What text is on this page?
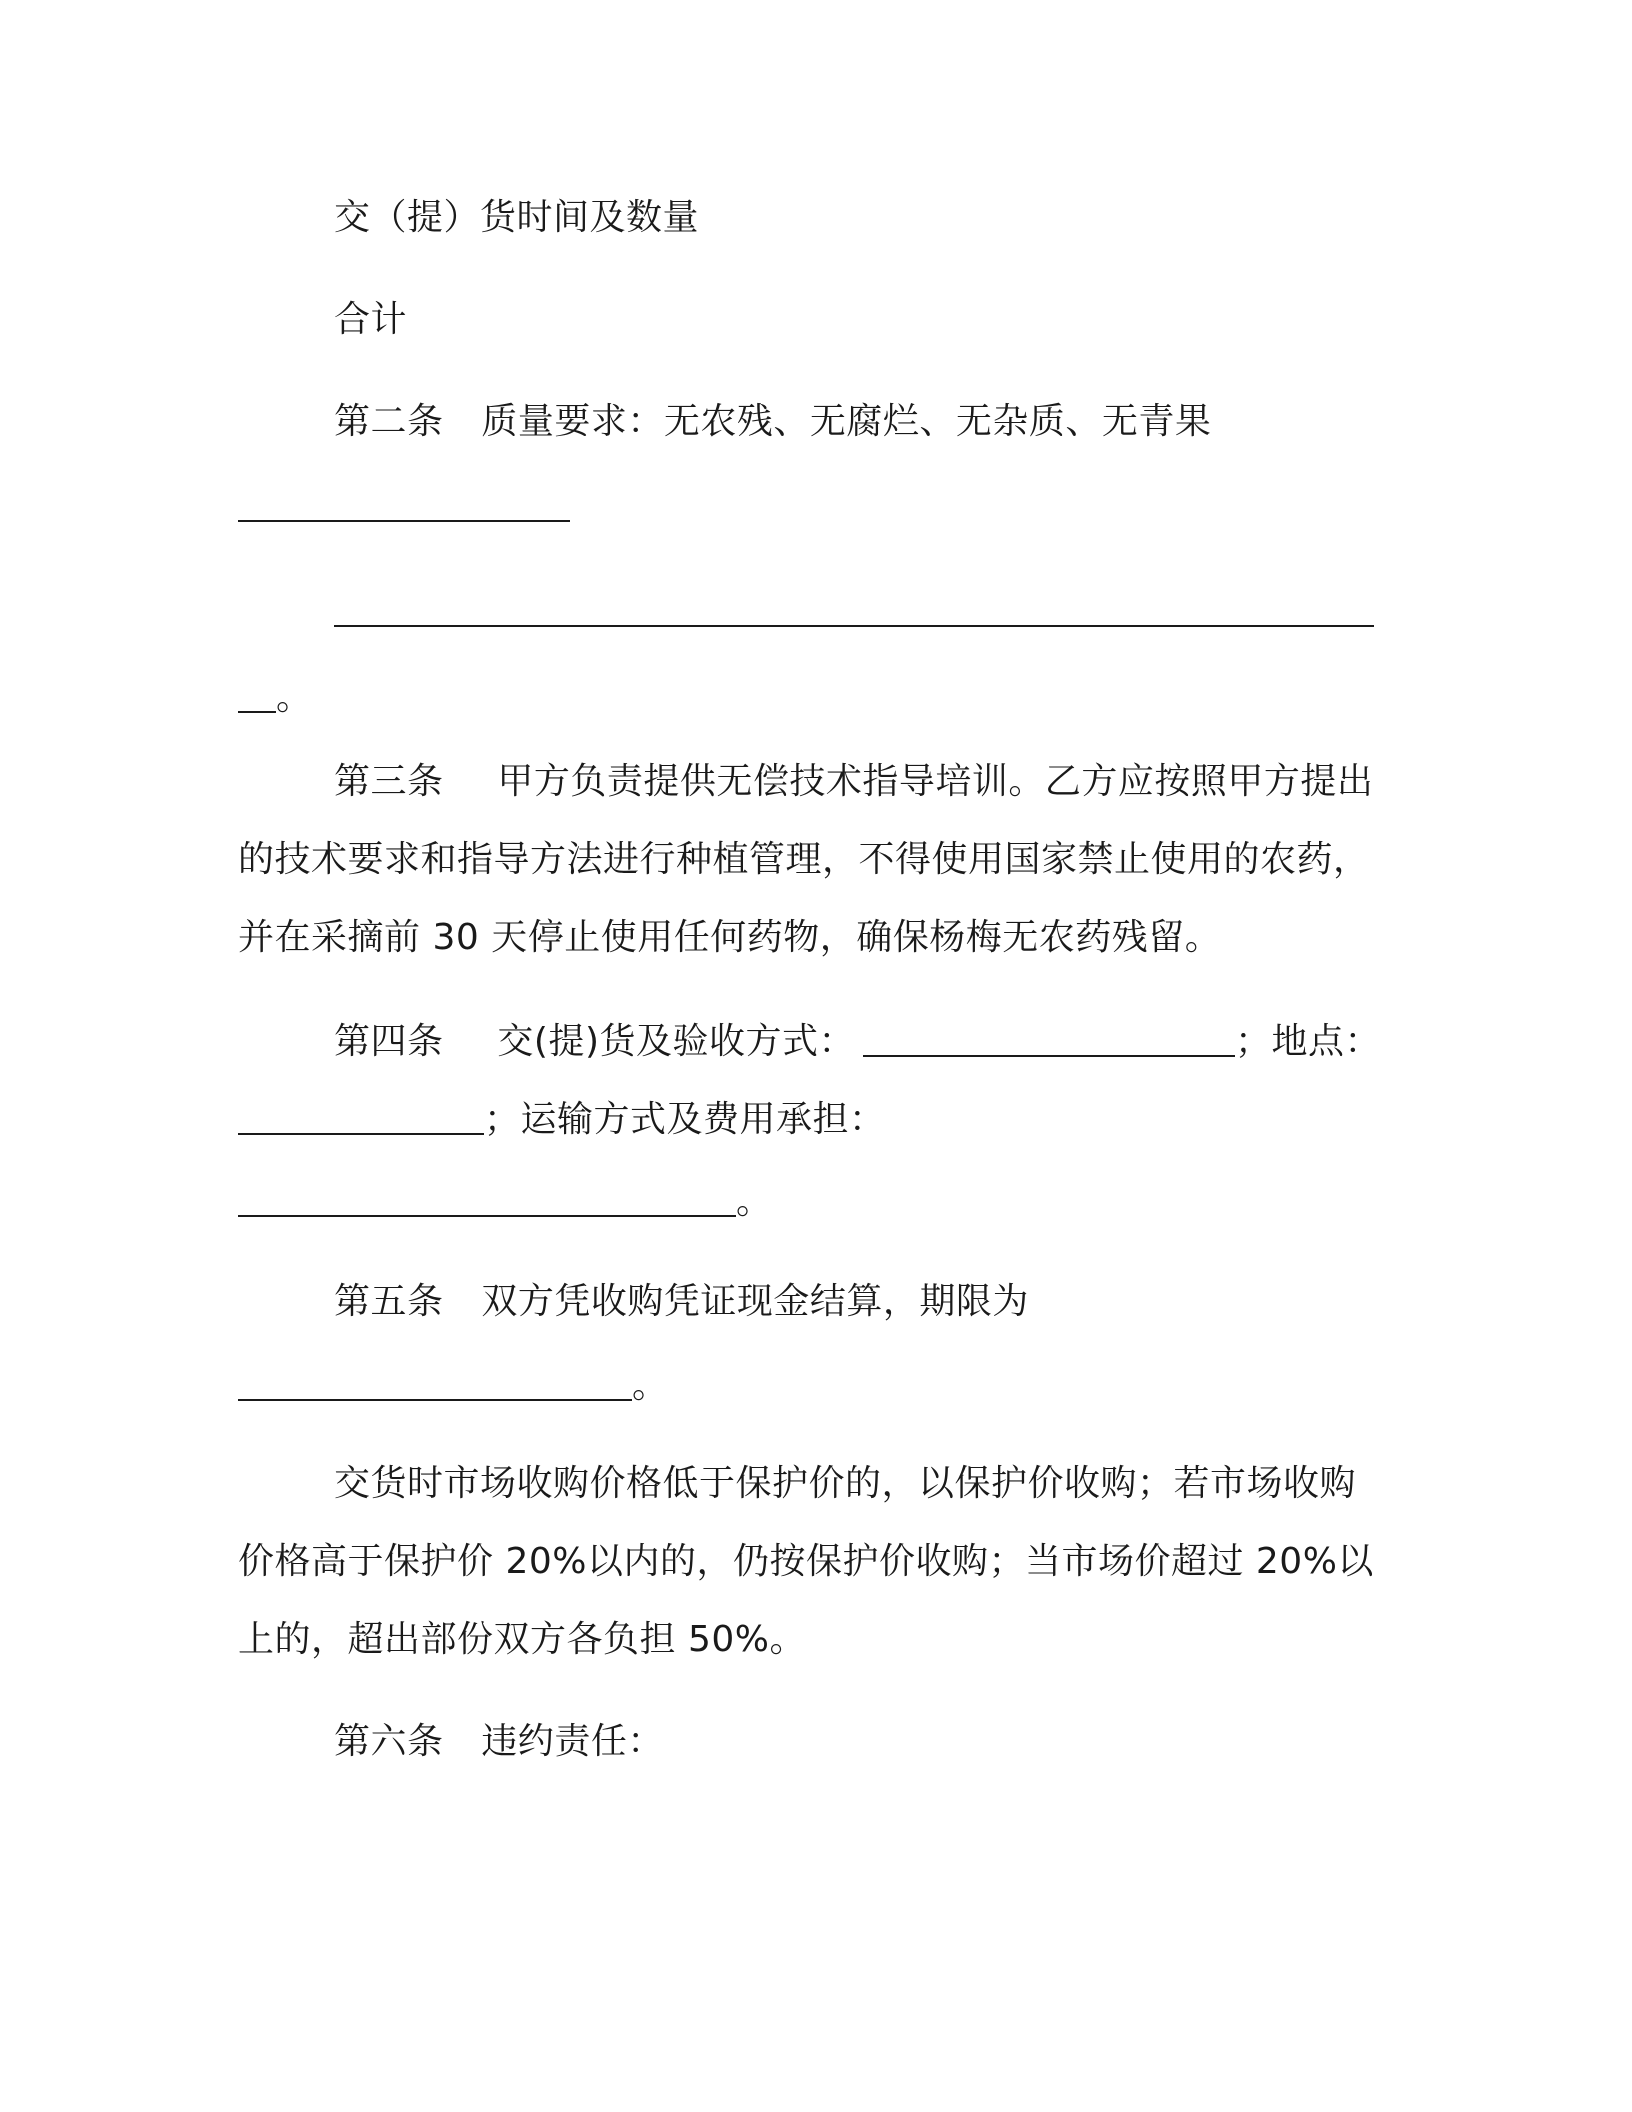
交（提）货时间及数量
合计
第二条 质量要求：无农残、无腐烂、无杂质、无青果
。
第三条 甲方负责提供无偿技术指导培训。乙方应按照甲方提出
的技术要求和指导方法进行种植管理，不得使用国家禁止使用的农药，
并在采摘前 30 天停止使用任何药物，确保杨梅无农药残留。
第四条 交(提)货及验收方式：	；地点：
；运输方式及费用承担：
。
第五条 双方凭收购凭证现金结算，期限为
。
交货时市场收购价格低于保护价的，以保护价收购；若市场收购
价格高于保护价 20%以内的，仍按保护价收购；当市场价超过 20%以
上的，超出部份双方各负担 50%。
第六条 违约责任：
